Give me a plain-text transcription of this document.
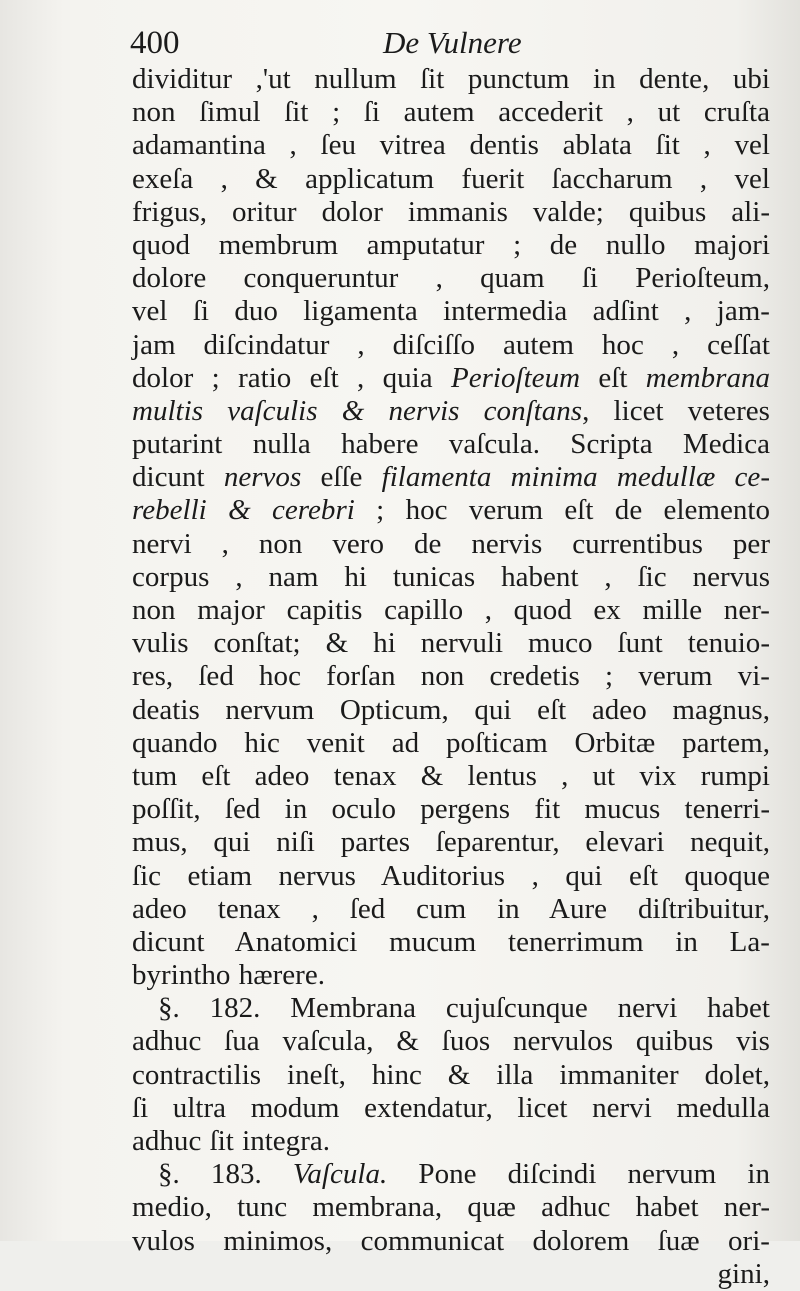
400	De Vulnere
dividitur ,'ut nullum ſit punctum in dente, ubi
non ſimul ſit ; ſi autem accederit , ut cruſta
adamantina , ſeu vitrea dentis ablata ſit , vel
exeſa , & applicatum fuerit ſaccharum , vel
frigus, oritur dolor immanis valde; quibus ali-
quod membrum amputatur ; de nullo majori
dolore conqueruntur , quam ſi Perioſteum,
vel ſi duo ligamenta intermedia adſint , jam-
jam diſcindatur , diſciſſo autem hoc , ceſſat
dolor ; ratio eſt , quia Perioſteum eſt membrana
multis vaſculis & nervis conſtans, licet veteres
putarint nulla habere vaſcula. Scripta Medica
dicunt nervos eſſe filamenta minima medullæ ce-
rebelli & cerebri ; hoc verum eſt de elemento
nervi , non vero de nervis currentibus per
corpus , nam hi tunicas habent , ſic nervus
non major capitis capillo , quod ex mille ner-
vulis conſtat; & hi nervuli muco ſunt tenuio-
res, ſed hoc forſan non credetis ; verum vi-
deatis nervum Opticum, qui eſt adeo magnus,
quando hic venit ad poſticam Orbitæ partem,
tum eſt adeo tenax & lentus , ut vix rumpi
poſſit, ſed in oculo pergens fit mucus tenerri-
mus, qui niſi partes ſeparentur, elevari nequit,
ſic etiam nervus Auditorius , qui eſt quoque
adeo tenax , ſed cum in Aure diſtribuitur,
dicunt Anatomici mucum tenerrimum in La-
byrintho hærere.
§. 182. Membrana cujuſcunque nervi habet
adhuc ſua vaſcula, & ſuos nervulos quibus vis
contractilis ineſt, hinc & illa immaniter dolet,
ſi ultra modum extendatur, licet nervi medulla
adhuc ſit integra.
§. 183. Vaſcula. Pone diſcindi nervum in
medio, tunc membrana, quæ adhuc habet ner-
vulos minimos, communicat dolorem ſuæ ori-
gini,
